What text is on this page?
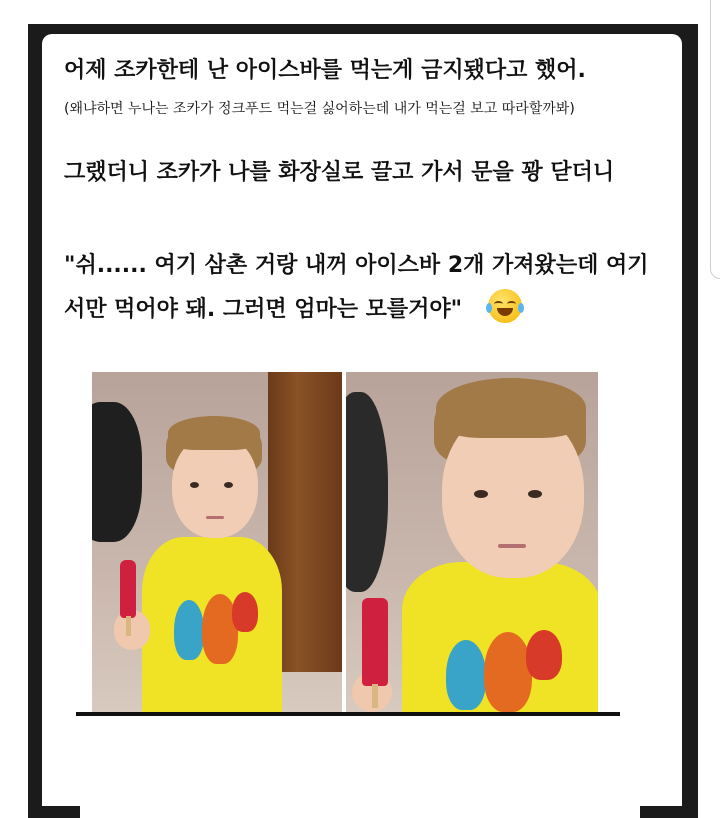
어제 조카한테 난 아이스바를 먹는게 금지됐다고 했어.
(왜냐하면 누나는 조카가 정크푸드 먹는걸 싫어하는데 내가 먹는걸 보고 따라할까봐)
그랬더니 조카가 나를 화장실로 끌고 가서 문을 꽝 닫더니
"쉬...... 여기 삼촌 거랑 내꺼 아이스바 2개 가져왔는데 여기서만 먹어야 돼. 그러면 엄마는 모를거야"
